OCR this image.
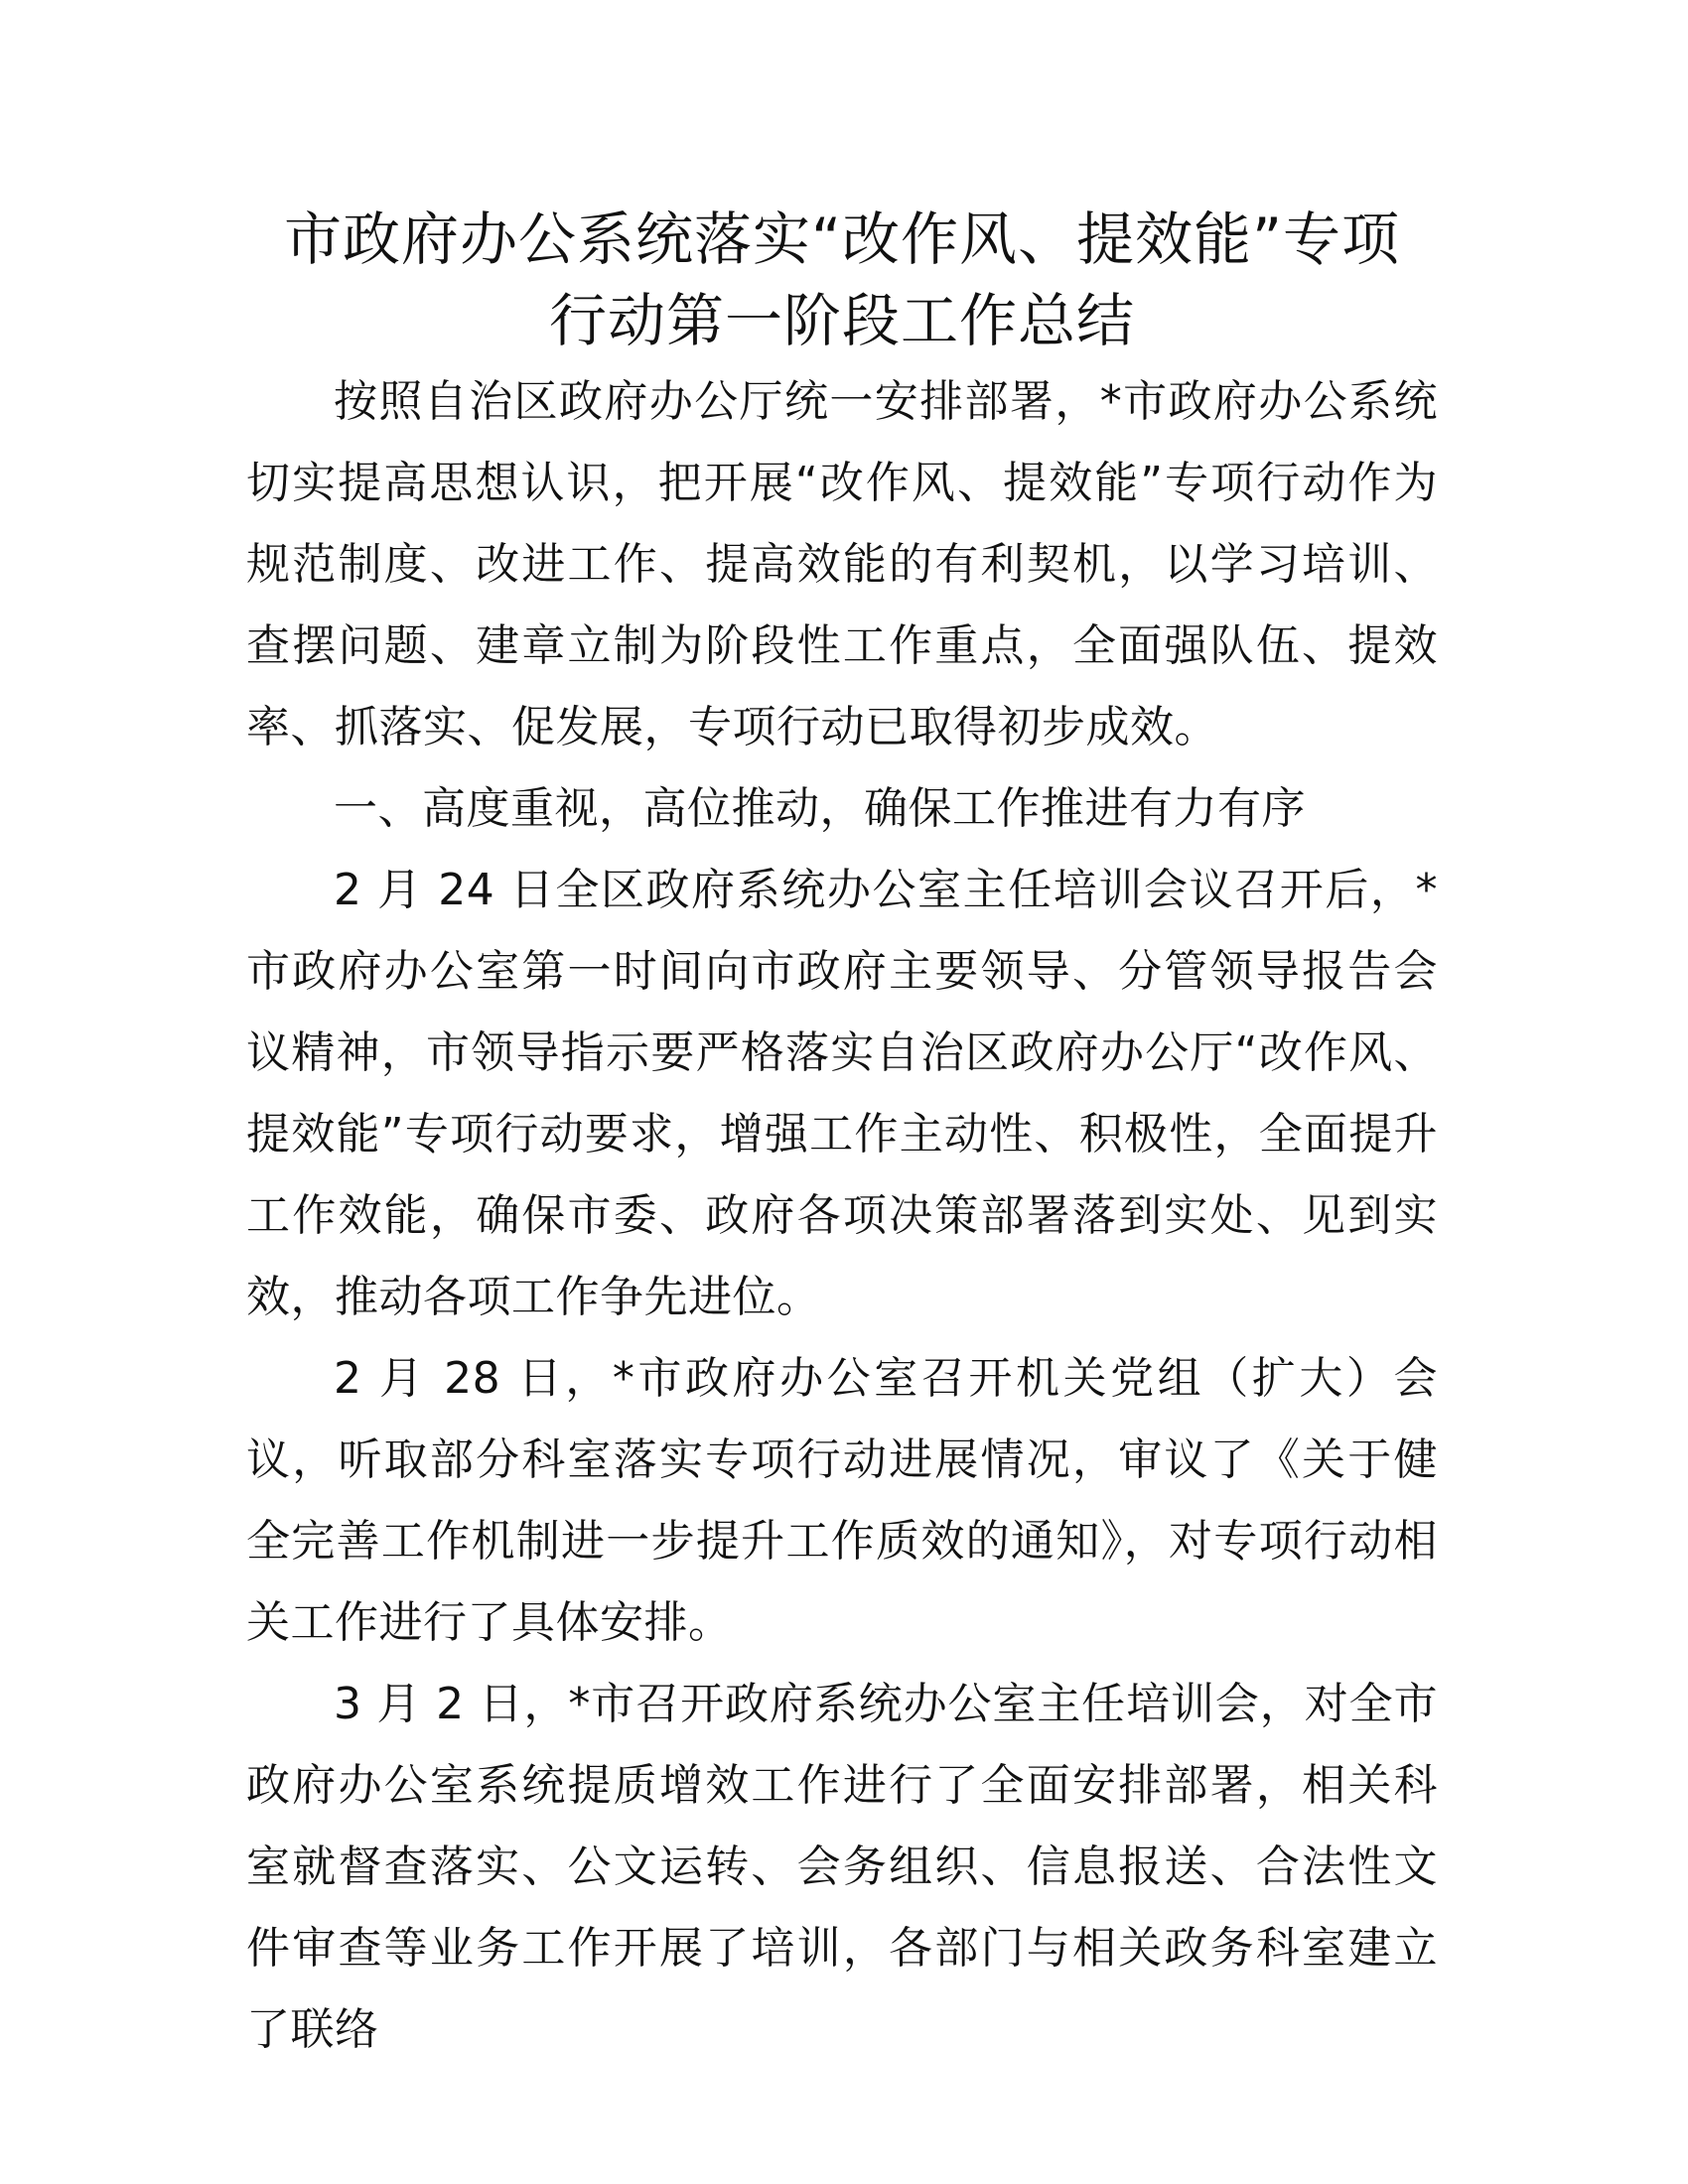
市政府办公系统落实“改作风、提效能”专项
行动第一阶段工作总结

按照自治区政府办公厅统一安排部署，*市政府办公系统切实提高思想认识，把开展“改作风、提效能”专项行动作为规范制度、改进工作、提高效能的有利契机，以学习培训、查摆问题、建章立制为阶段性工作重点，全面强队伍、提效率、抓落实、促发展，专项行动已取得初步成效。

一、高度重视，高位推动，确保工作推进有力有序

2 月 24 日全区政府系统办公室主任培训会议召开后，*市政府办公室第一时间向市政府主要领导、分管领导报告会议精神，市领导指示要严格落实自治区政府办公厅“改作风、提效能”专项行动要求，增强工作主动性、积极性，全面提升工作效能，确保市委、政府各项决策部署落到实处、见到实效，推动各项工作争先进位。

2 月 28 日，*市政府办公室召开机关党组（扩大）会议，听取部分科室落实专项行动进展情况，审议了《关于健全完善工作机制进一步提升工作质效的通知》，对专项行动相关工作进行了具体安排。

3 月 2 日，*市召开政府系统办公室主任培训会，对全市政府办公室系统提质增效工作进行了全面安排部署，相关科室就督查落实、公文运转、会务组织、信息报送、合法性文件审查等业务工作开展了培训，各部门与相关政务科室建立了联络
